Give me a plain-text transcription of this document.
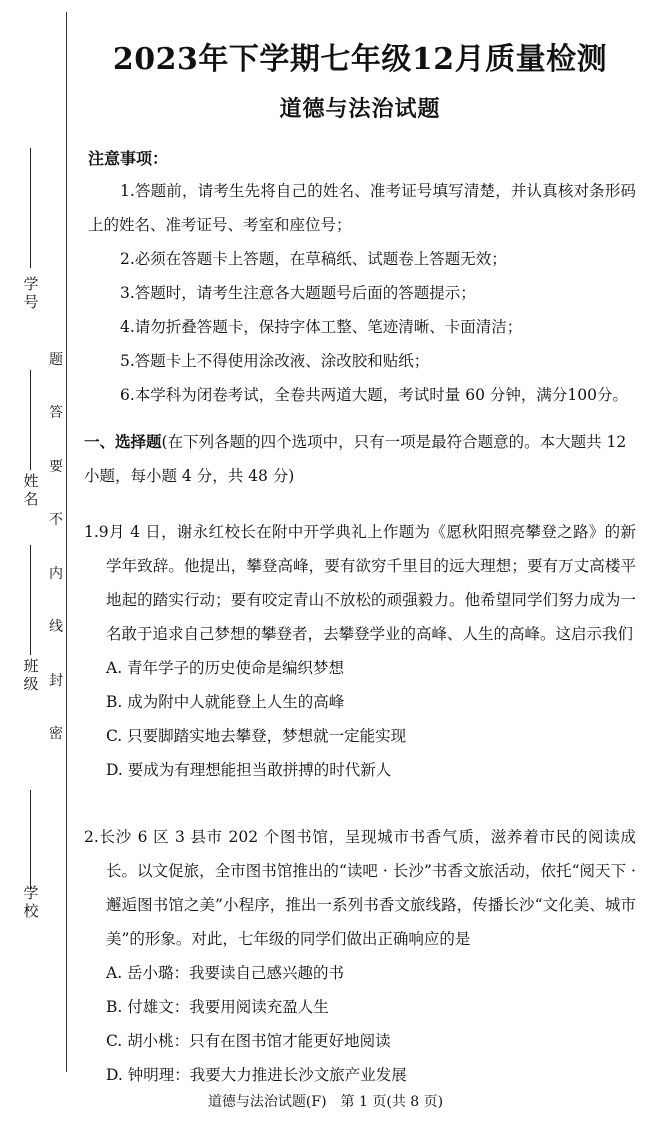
学号
姓名
班级
学校
题
答
要
不
内
线
封
密
2023年下学期七年级12月质量检测
道德与法治试题
注意事项：

1.答题前，请考生先将自己的姓名、准考证号填写清楚，并认真核对条形码上的姓名、准考证号、考室和座位号；

2.必须在答题卡上答题，在草稿纸、试题卷上答题无效；

3.答题时，请考生注意各大题题号后面的答题提示；

4.请勿折叠答题卡，保持字体工整、笔迹清晰、卡面清洁；

5.答题卡上不得使用涂改液、涂改胶和贴纸；

6.本学科为闭卷考试，全卷共两道大题，考试时量 60 分钟，满分100分。

一、选择题(在下列各题的四个选项中，只有一项是最符合题意的。本大题共 12 小题，每小题 4 分，共 48 分)

1.9月 4 日，谢永红校长在附中开学典礼上作题为《愿秋阳照亮攀登之路》的新学年致辞。他提出，攀登高峰，要有欲穷千里目的远大理想；要有万丈高楼平地起的踏实行动；要有咬定青山不放松的顽强毅力。他希望同学们努力成为一名敢于追求自己梦想的攀登者，去攀登学业的高峰、人生的高峰。这启示我们

A. 青年学子的历史使命是编织梦想

B. 成为附中人就能登上人生的高峰

C. 只要脚踏实地去攀登，梦想就一定能实现

D. 要成为有理想能担当敢拼搏的时代新人

2.长沙 6 区 3 县市 202 个图书馆，呈现城市书香气质，滋养着市民的阅读成长。以文促旅，全市图书馆推出的“读吧 · 长沙”书香文旅活动，依托“阅天下 · 邂逅图书馆之美”小程序，推出一系列书香文旅线路，传播长沙“文化美、城市美”的形象。对此，七年级的同学们做出正确响应的是

A. 岳小璐：我要读自己感兴趣的书

B. 付雄文：我要用阅读充盈人生

C. 胡小桃：只有在图书馆才能更好地阅读

D. 钟明理：我要大力推进长沙文旅产业发展

道德与法治试题(F)　第 1 页(共 8 页)
